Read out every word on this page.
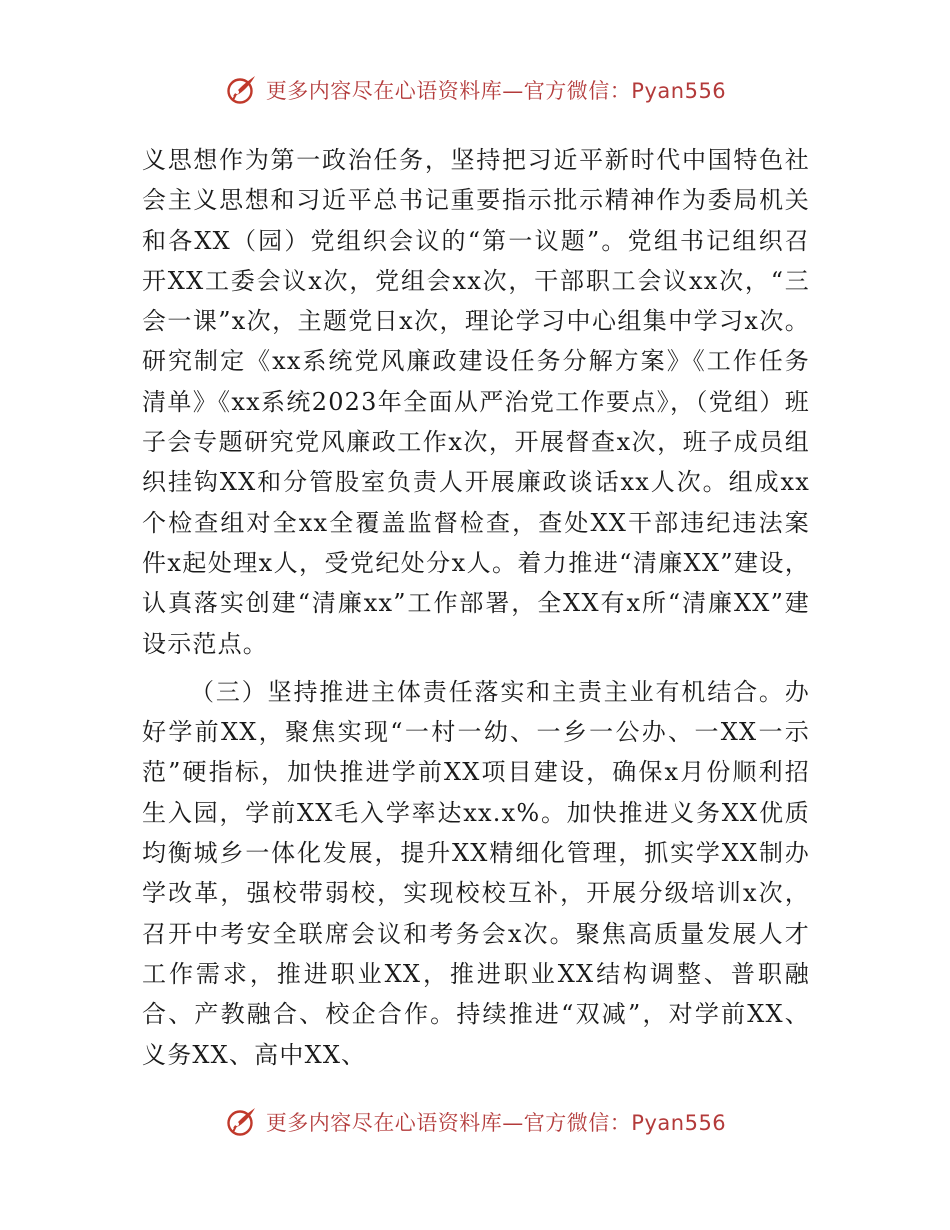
更多内容尽在心语资料库—官方微信：Pyan556

义思想作为第一政治任务，坚持把习近平新时代中国特色社会主义思想和习近平总书记重要指示批示精神作为委局机关和各XX（园）党组织会议的“第一议题”。党组书记组织召开XX工委会议x次，党组会xx次，干部职工会议xx次，“三会一课”x次，主题党日x次，理论学习中心组集中学习x次。研究制定《xx系统党风廉政建设任务分解方案》《工作任务清单》《xx系统2023年全面从严治党工作要点》，（党组）班子会专题研究党风廉政工作x次，开展督查x次，班子成员组织挂钩XX和分管股室负责人开展廉政谈话xx人次。组成xx个检查组对全xx全覆盖监督检查，查处XX干部违纪违法案件x起处理x人，受党纪处分x人。着力推进“清廉XX”建设，认真落实创建“清廉xx”工作部署，全XX有x所“清廉XX”建设示范点。

（三）坚持推进主体责任落实和主责主业有机结合。办好学前XX，聚焦实现“一村一幼、一乡一公办、一XX一示范”硬指标，加快推进学前XX项目建设，确保x月份顺利招生入园，学前XX毛入学率达xx.x%。加快推进义务XX优质均衡城乡一体化发展，提升XX精细化管理，抓实学XX制办学改革，强校带弱校，实现校校互补，开展分级培训x次，召开中考安全联席会议和考务会x次。聚焦高质量发展人才工作需求，推进职业XX，推进职业XX结构调整、普职融合、产教融合、校企合作。持续推进“双减”，对学前XX、义务XX、高中XX、

更多内容尽在心语资料库—官方微信：Pyan556
